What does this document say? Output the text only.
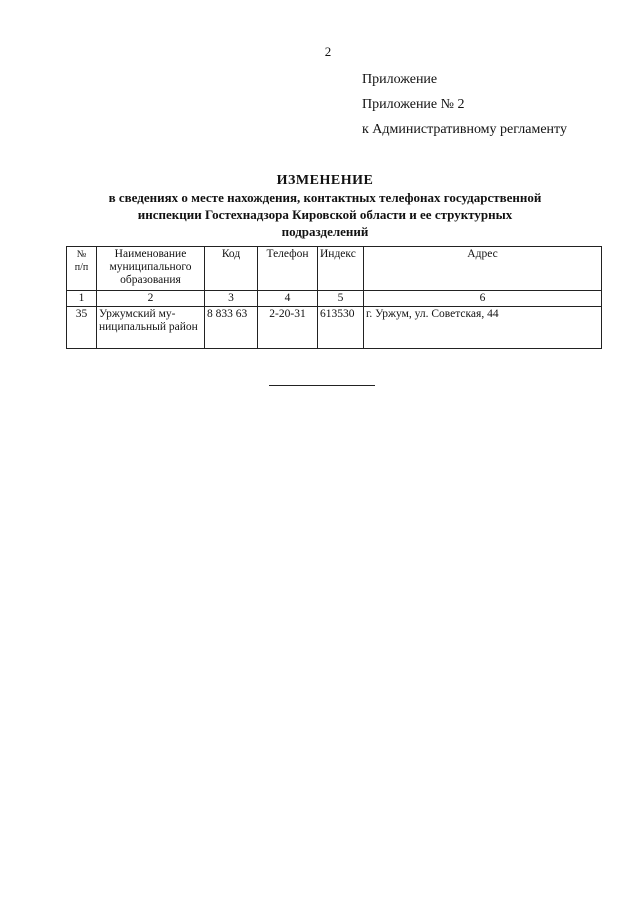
2
Приложение
Приложение № 2
к Административному регламенту
ИЗМЕНЕНИЕ
в сведениях о месте нахождения, контактных телефонах государственной
инспекции Гостехнадзора Кировской области и ее структурных
подразделений
№
п/п	Наименование муниципального образования	Код	Телефон	Индекс	Адрес
1	2	3	4	5	6
35	Уржумский му-ниципальный район	8 833 63	2-20-31	613530	г. Уржум, ул. Советская, 44
